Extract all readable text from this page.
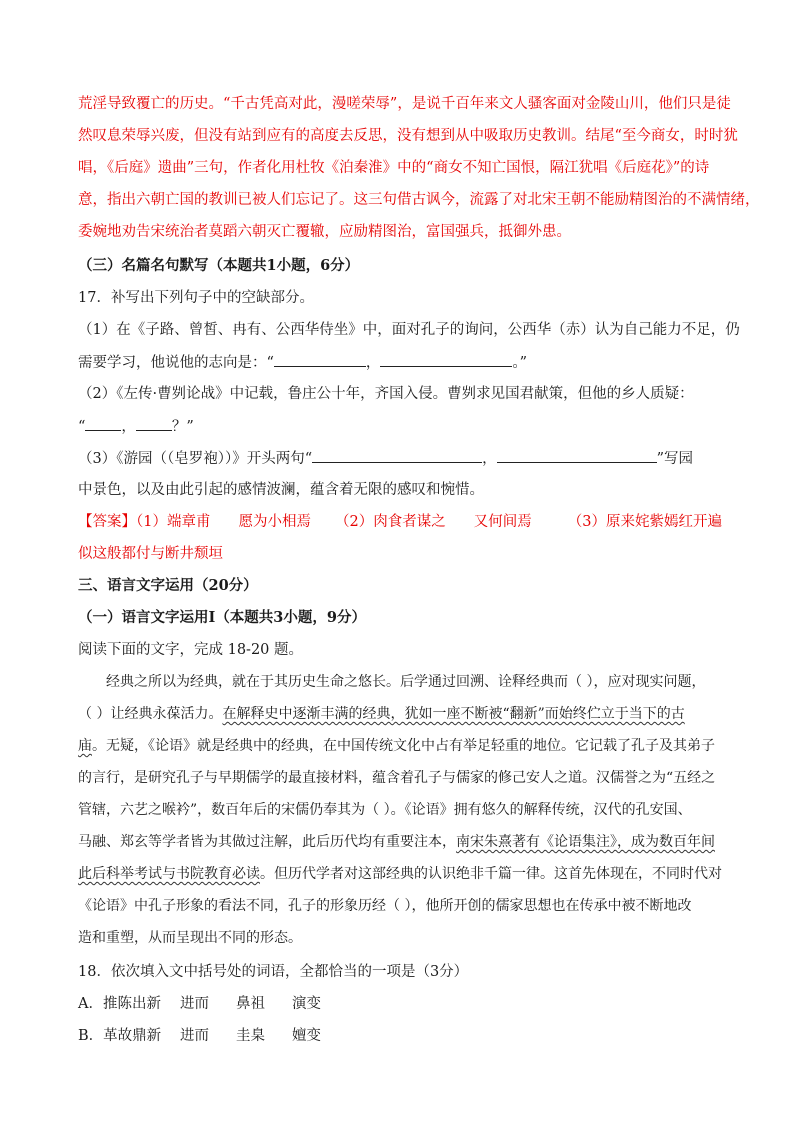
荒淫导致覆亡的历史。“千古凭高对此，漫嗟荣辱”，是说千百年来文人骚客面对金陵山川，他们只是徒
然叹息荣辱兴废，但没有站到应有的高度去反思，没有想到从中吸取历史教训。结尾“至今商女，时时犹
唱，《后庭》遗曲”三句，作者化用杜牧《泊秦淮》中的“商女不知亡国恨，隔江犹唱《后庭花》”的诗
意，指出六朝亡国的教训已被人们忘记了。这三句借古讽今，流露了对北宋王朝不能励精图治的不满情绪，
委婉地劝告宋统治者莫蹈六朝灭亡覆辙，应励精图治，富国强兵，抵御外患。
（三）名篇名句默写（本题共1小题，6分）
17．补写出下列句子中的空缺部分。
（1）在《子路、曾皙、冉有、公西华侍坐》中，面对孔子的询问，公西华（赤）认为自己能力不足，仍
需要学习，他说他的志向是：“	，	。”
（2）《左传·曹刿论战》中记载，鲁庄公十年，齐国入侵。曹刿求见国君献策，但他的乡人质疑：
“ ， ？”
（3）《游园（（皂罗袍））》开头两句“	，	”写园
中景色，以及由此引起的感情波澜，蕴含着无限的感叹和惋惜。
【答案】（1）端章甫 愿为小相焉 （2）肉食者谋之 又何间焉 （3）原来姹紫嫣红开遍
似这般都付与断井颓垣
三、语言文字运用（20分）
（一）语言文字运用Ⅰ（本题共3小题，9分）
阅读下面的文字，完成 18-20 题。
经典之所以为经典，就在于其历史生命之悠长。后学通过回溯、诠释经典而（ ），应对现实问题，
（ ）让经典永葆活力。在解释史中逐渐丰满的经典，犹如一座不断被“翻新”而始终伫立于当下的古
庙。无疑，《论语》就是经典中的经典，在中国传统文化中占有举足轻重的地位。它记载了孔子及其弟子
的言行，是研究孔子与早期儒学的最直接材料，蕴含着孔子与儒家的修己安人之道。汉儒誉之为“五经之
管辖，六艺之喉衿”，数百年后的宋儒仍奉其为（ ）。《论语》拥有悠久的解释传统，汉代的孔安国、
马融、郑玄等学者皆为其做过注解，此后历代均有重要注本，南宋朱熹著有《论语集注》，成为数百年间
此后科举考试与书院教育必读。但历代学者对这部经典的认识绝非千篇一律。这首先体现在，不同时代对
《论语》中孔子形象的看法不同，孔子的形象历经（ ），他所开创的儒家思想也在传承中被不断地改
造和重塑，从而呈现出不同的形态。
18．依次填入文中括号处的词语，全都恰当的一项是（3分）
A．推陈出新 进而 鼻祖 演变
B．革故鼎新 进而 圭臬 嬗变
